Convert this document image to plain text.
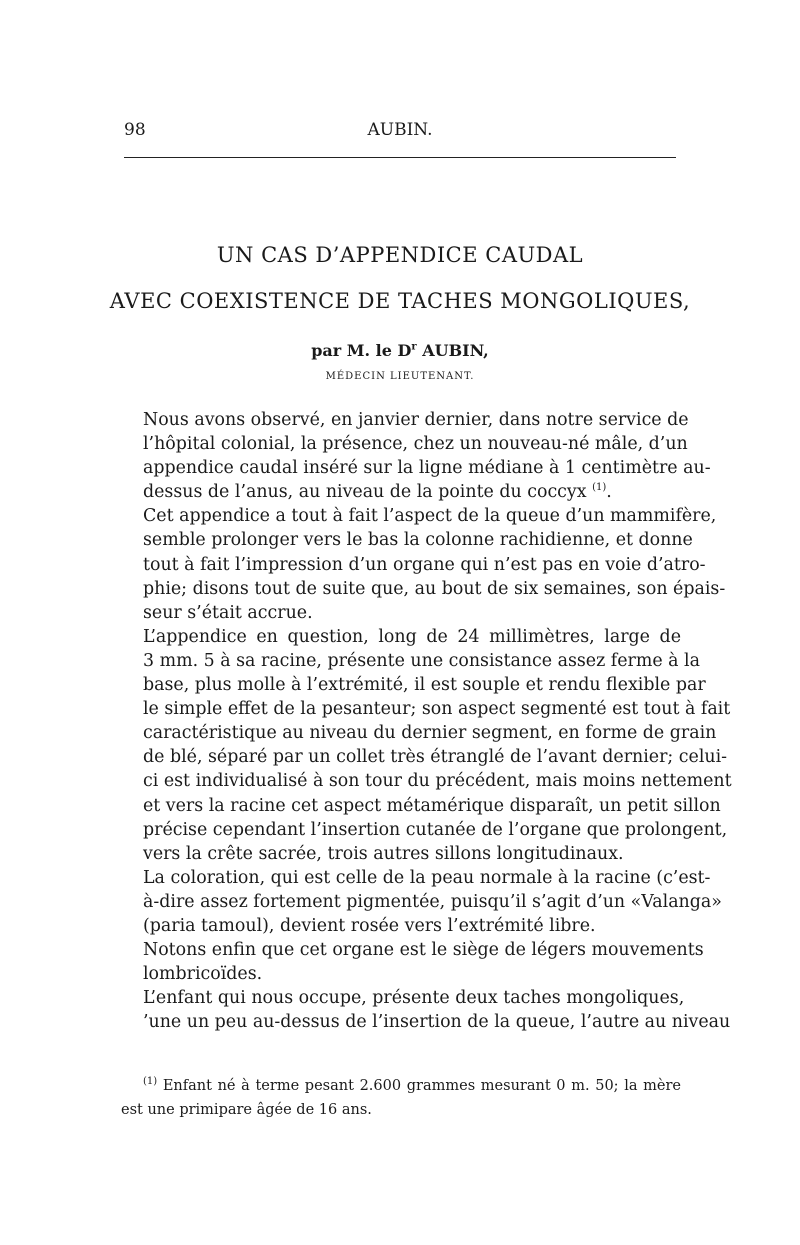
98	AUBIN.
UN CAS D’APPENDICE CAUDAL
AVEC COEXISTENCE DE TACHES MONGOLIQUES,
par M. le $D^r$ AUBIN,
MÉDECIN LIEUTENANT.

Nous avons observé, en janvier dernier, dans notre service de
l’hôpital colonial, la présence, chez un nouveau-né mâle, d’un
appendice caudal inséré sur la ligne médiane à 1 centimètre au-
dessus de l’anus, au niveau de la pointe du coccyx $^{(1)}$.

Cet appendice a tout à fait l’aspect de la queue d’un mammifère,
semble prolonger vers le bas la colonne rachidienne, et donne
tout à fait l’impression d’un organe qui n’est pas en voie d’atro-
phie; disons tout de suite que, au bout de six semaines, son épais-
seur s’était accrue.

L’appendice en question, long de 24 millimètres, large de
3 mm. 5 à sa racine, présente une consistance assez ferme à la
base, plus molle à l’extrémité, il est souple et rendu flexible par
le simple effet de la pesanteur; son aspect segmenté est tout à fait
caractéristique au niveau du dernier segment, en forme de grain
de blé, séparé par un collet très étranglé de l’avant dernier; celui-
ci est individualisé à son tour du précédent, mais moins nettement
et vers la racine cet aspect métamérique disparaît, un petit sillon
précise cependant l’insertion cutanée de l’organe que prolongent,
vers la crête sacrée, trois autres sillons longitudinaux.

La coloration, qui est celle de la peau normale à la racine (c’est-
à-dire assez fortement pigmentée, puisqu’il s’agit d’un «Valanga»
(paria tamoul), devient rosée vers l’extrémité libre.

Notons enfin que cet organe est le siège de légers mouvements
lombricoïdes.

L’enfant qui nous occupe, présente deux taches mongoliques,
’une un peu au-dessus de l’insertion de la queue, l’autre au niveau

$^{(1)}$ Enfant né à terme pesant 2.600 grammes mesurant 0 m. 50; la mère
est une primipare âgée de 16 ans.
